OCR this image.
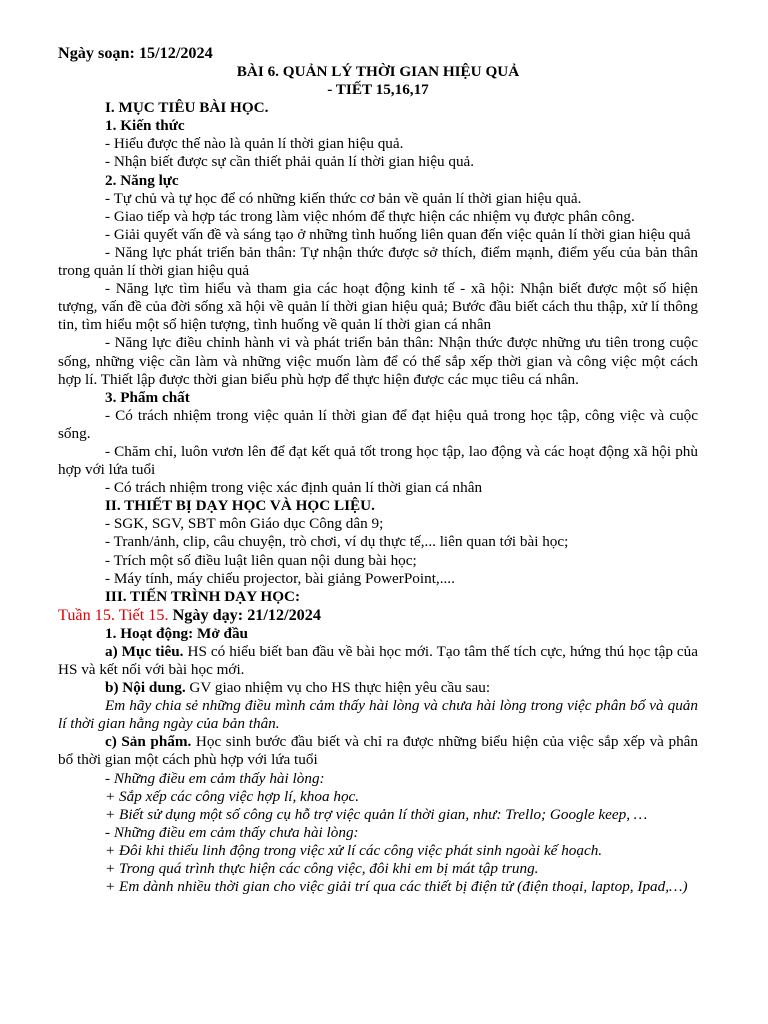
Ngày soạn: 15/12/2024
BÀI 6. QUẢN LÝ THỜI GIAN HIỆU QUẢ
- TIẾT 15,16,17
I. MỤC TIÊU BÀI HỌC.
1. Kiến thức
- Hiểu được thế nào là quản lí thời gian hiệu quả.
- Nhận biết được sự cần thiết phải quản lí thời gian hiệu quả.
2. Năng lực
- Tự chủ và tự học để có những kiến thức cơ bản về quản lí thời gian hiệu quả.
- Giao tiếp và hợp tác trong làm việc nhóm để thực hiện các nhiệm vụ được phân công.
- Giải quyết vấn đề và sáng tạo ở những tình huống liên quan đến việc quản lí thời gian hiệu quả
- Năng lực phát triển bản thân: Tự nhận thức được sở thích, điểm mạnh, điểm yếu của bản thân trong quản lí thời gian hiệu quả
- Năng lực tìm hiểu và tham gia các hoạt động kinh tế - xã hội: Nhận biết được một số hiện tượng, vấn đề của đời sống xã hội về quản lí thời gian hiệu quả; Bước đầu biết cách thu thập, xử lí thông tin, tìm hiểu một số hiện tượng, tình huống về quản lí thời gian cá nhân
- Năng lực điều chỉnh hành vi và phát triển bản thân: Nhận thức được những ưu tiên trong cuộc sống, những việc cần làm và những việc muốn làm để có thể sắp xếp thời gian và công việc một cách hợp lí. Thiết lập được thời gian biểu phù hợp để thực hiện được các mục tiêu cá nhân.
3. Phẩm chất
- Có trách nhiệm trong việc quản lí thời gian để đạt hiệu quả trong học tập, công việc và cuộc sống.
- Chăm chỉ, luôn vươn lên để đạt kết quả tốt trong học tập, lao động và các hoạt động xã hội phù hợp với lứa tuổi
- Có trách nhiệm trong việc xác định quản lí thời gian cá nhân
II. THIẾT BỊ DẠY HỌC VÀ HỌC LIỆU.
- SGK, SGV, SBT môn Giáo dục Công dân 9;
- Tranh/ảnh, clip, câu chuyện, trò chơi, ví dụ thực tế,... liên quan tới bài học;
- Trích một số điều luật liên quan nội dung bài học;
- Máy tính, máy chiếu projector, bài giảng PowerPoint,....
III. TIẾN TRÌNH DẠY HỌC:
Tuần 15. Tiết 15. Ngày dạy: 21/12/2024
1. Hoạt động: Mở đầu
a) Mục tiêu. HS có hiểu biết ban đầu về bài học mới. Tạo tâm thế tích cực, hứng thú học tập của HS và kết nối với bài học mới.
b) Nội dung. GV giao nhiệm vụ cho HS thực hiện yêu cầu sau:
Em hãy chia sẻ những điều mình cảm thấy hài lòng và chưa hài lòng trong việc phân bố và quản lí thời gian hằng ngày của bản thân.
c) Sản phẩm. Học sinh bước đầu biết và chỉ ra được những biểu hiện của việc sắp xếp và phân bổ thời gian một cách phù hợp với lứa tuổi
- Những điều em cảm thấy hài lòng:
+ Sắp xếp các công việc hợp lí, khoa học.
+ Biết sử dụng một số công cụ hỗ trợ việc quản lí thời gian, như: Trello; Google keep, …
- Những điều em cảm thấy chưa hài lòng:
+ Đôi khi thiếu linh động trong việc xử lí các công việc phát sinh ngoài kế hoạch.
+ Trong quá trình thực hiện các công việc, đôi khi em bị mát tập trung.
+ Em dành nhiều thời gian cho việc giải trí qua các thiết bị điện tử (điện thoại, laptop, Ipad,…)
